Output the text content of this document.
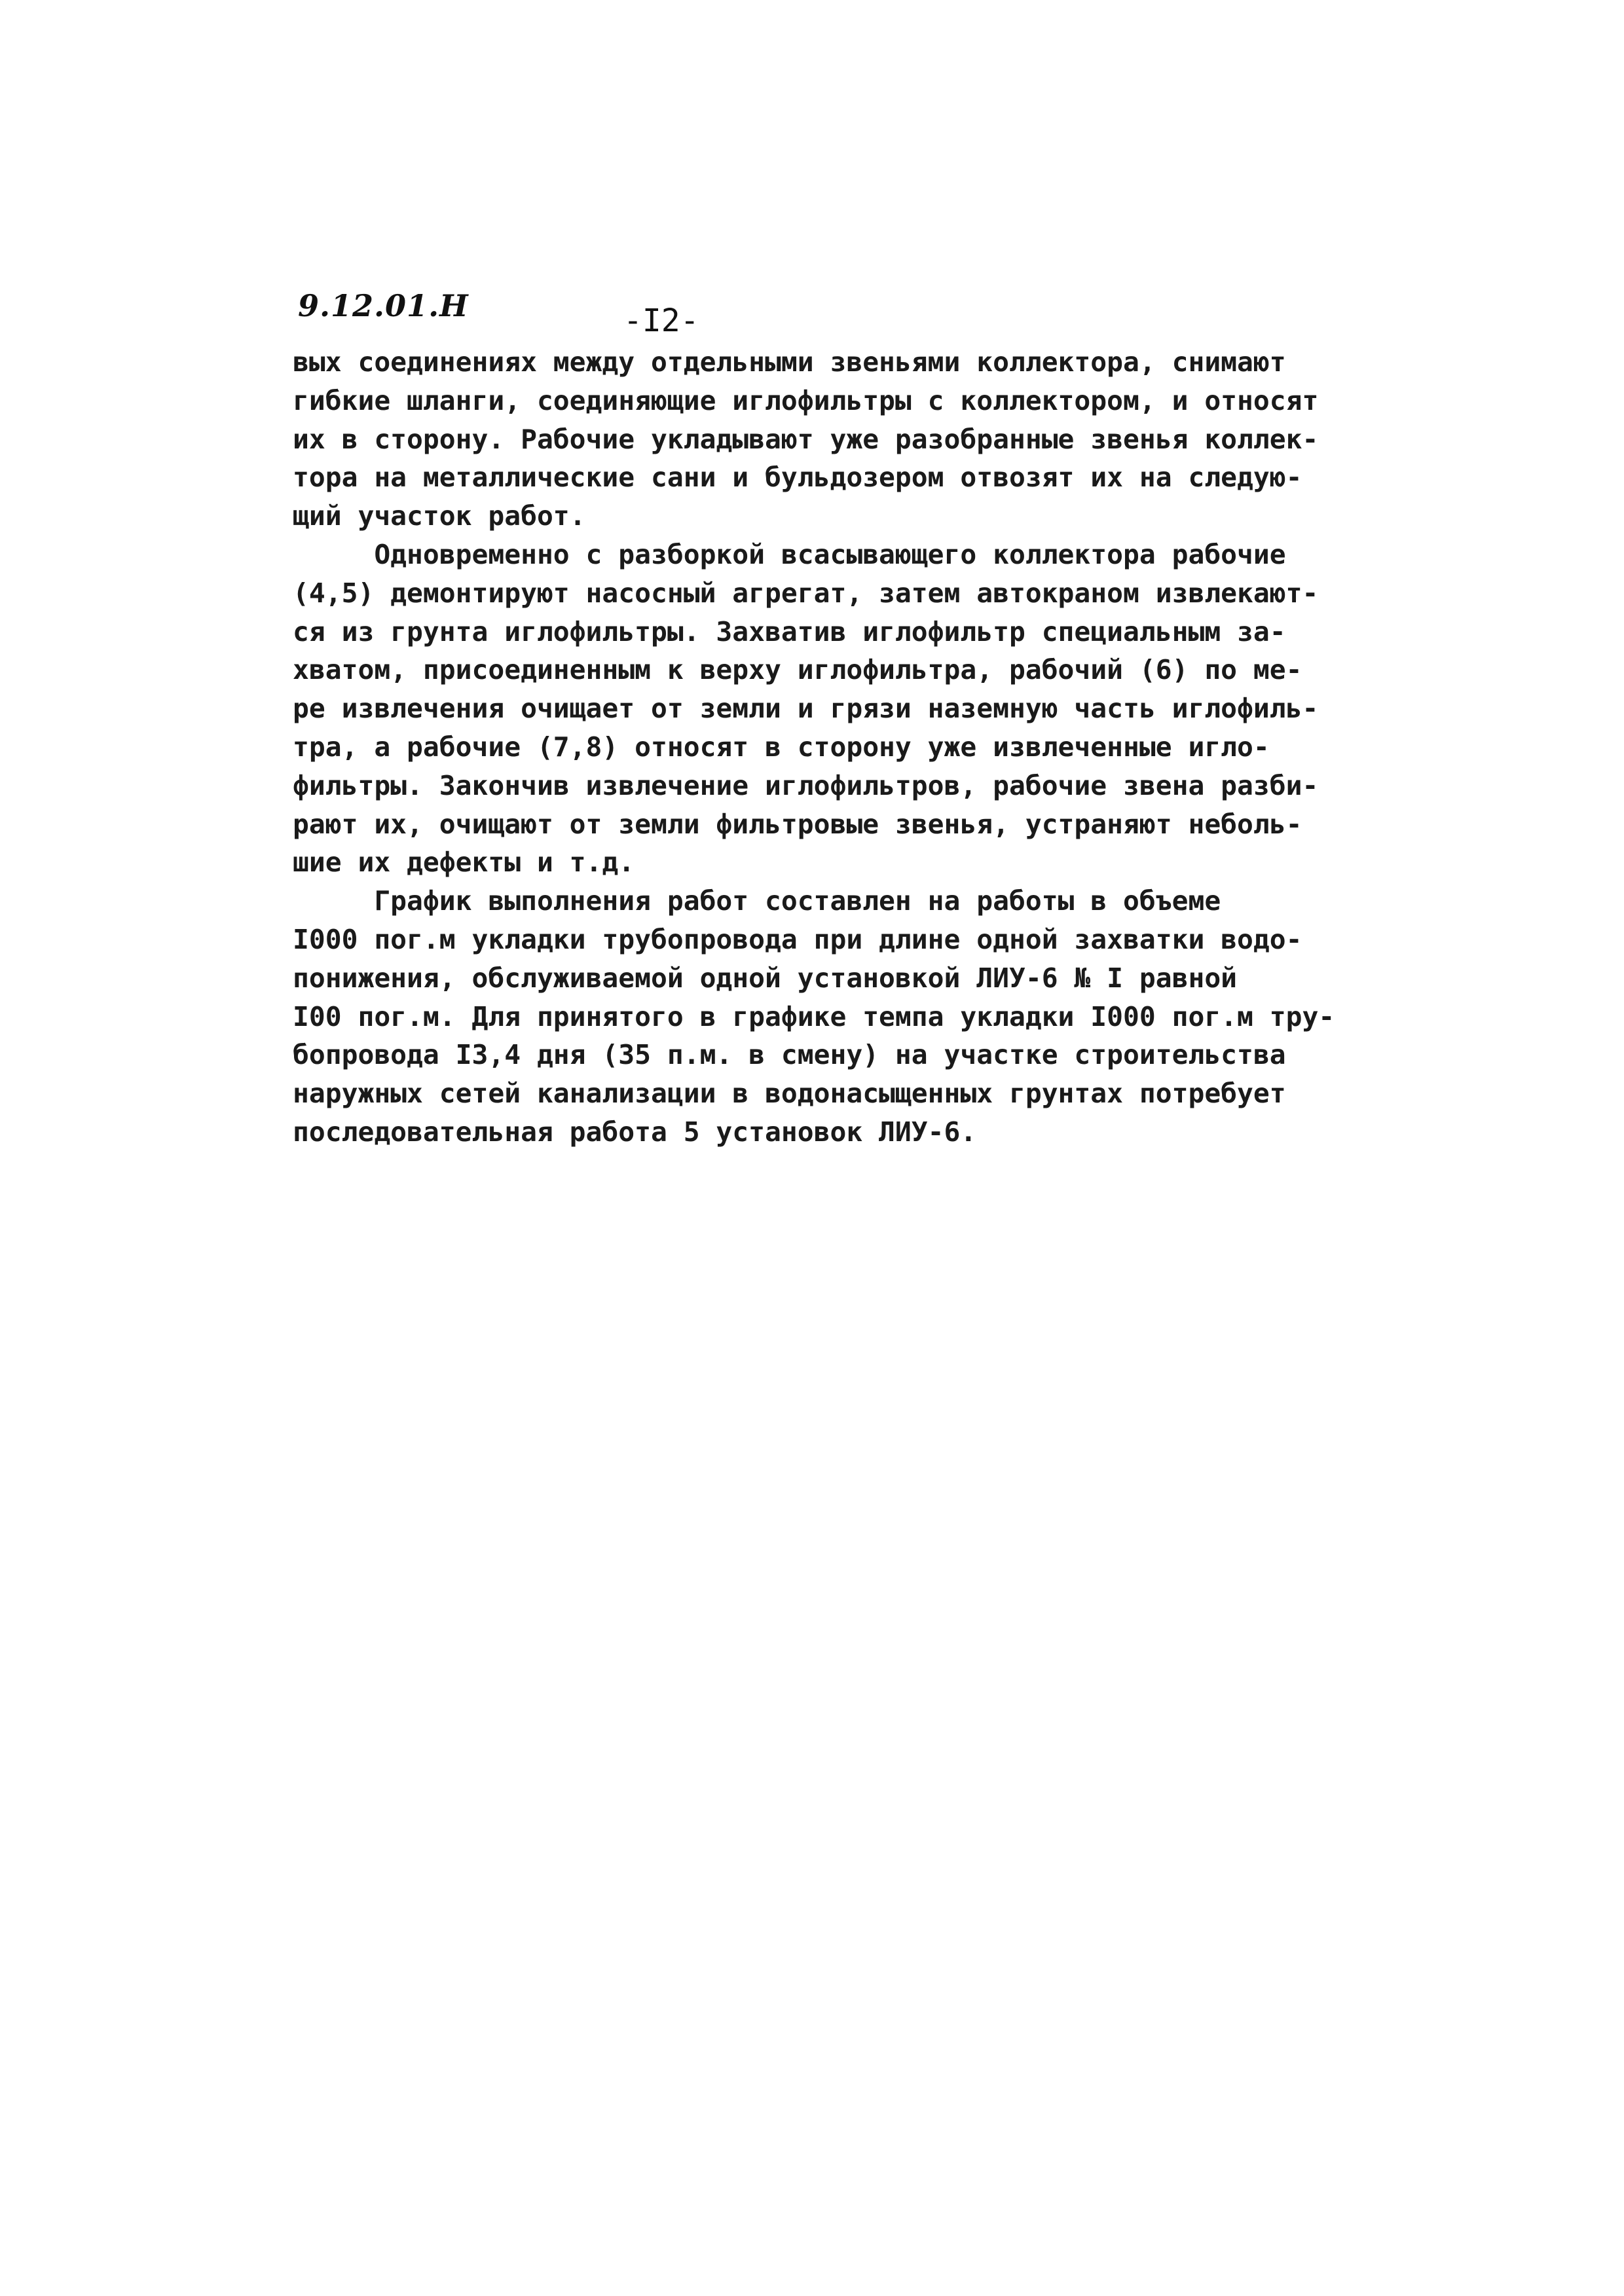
9.12.01.Н	-I2-
вых соединениях между отдельными звеньями коллектора, снимают
гибкие шланги, соединяющие иглофильтры с коллектором, и относят
их в сторону. Рабочие укладывают уже разобранные звенья коллек-
тора на металлические сани и бульдозером отвозят их на следую-
щий участок работ.
Одновременно с разборкой всасывающего коллектора рабочие
(4,5) демонтируют насосный агрегат, затем автокраном извлекают-
ся из грунта иглофильтры. Захватив иглофильтр специальным за-
хватом, присоединенным к верху иглофильтра, рабочий (6) по ме-
ре извлечения очищает от земли и грязи наземную часть иглофиль-
тра, а рабочие (7,8) относят в сторону уже извлеченные игло-
фильтры. Закончив извлечение иглофильтров, рабочие звена разби-
рают их, очищают от земли фильтровые звенья, устраняют неболь-
шие их дефекты и т.д.
График выполнения работ составлен на работы в объеме
I000 пог.м укладки трубопровода при длине одной захватки водо-
понижения, обслуживаемой одной установкой ЛИУ-6 № I равной
I00 пог.м. Для принятого в графике темпа укладки I000 пог.м тру-
бопровода I3,4 дня (35 п.м. в смену) на участке строительства
наружных сетей канализации в водонасыщенных грунтах потребует
последовательная работа 5 установок ЛИУ-6.
